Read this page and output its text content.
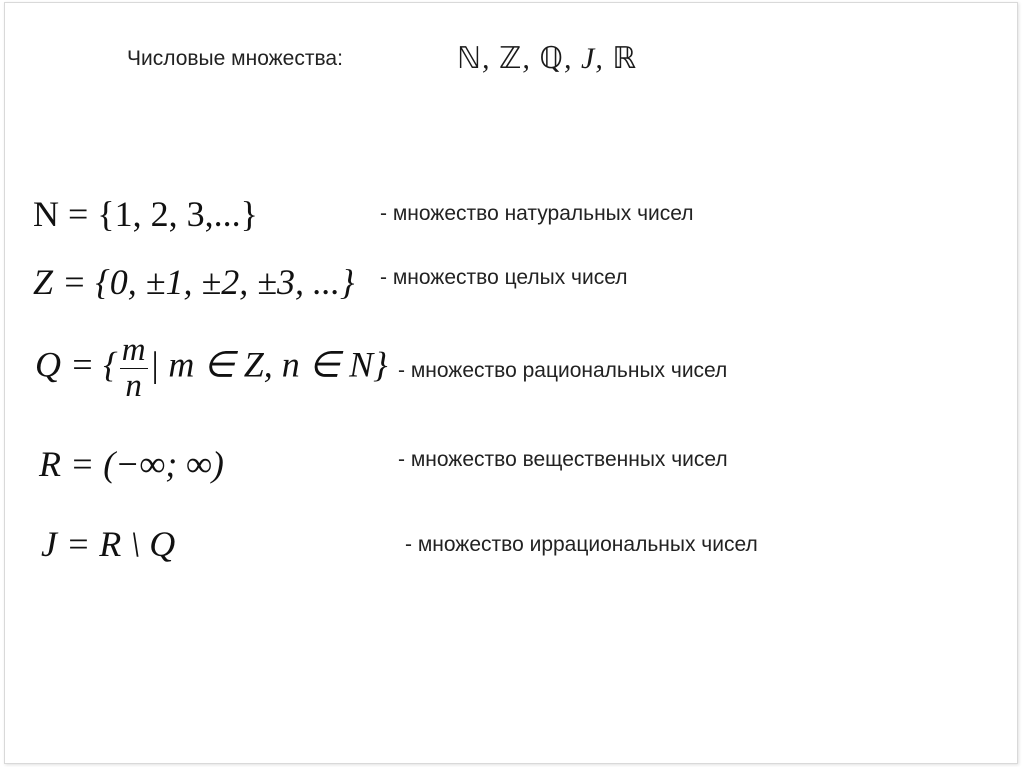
Числовые множества:	ℕ, ℤ, ℚ, J, ℝ
N = {1, 2, 3,...}	- множество натуральных чисел
Z = {0, ±1, ±2, ±3, ...} - множество целых чисел
Q = { $\frac{m}{n}$ | m ∈ Z, n ∈ N} - множество рациональных чисел
R = (−∞; ∞)	- множество вещественных чисел
J = R \ Q	- множество иррациональных чисел
